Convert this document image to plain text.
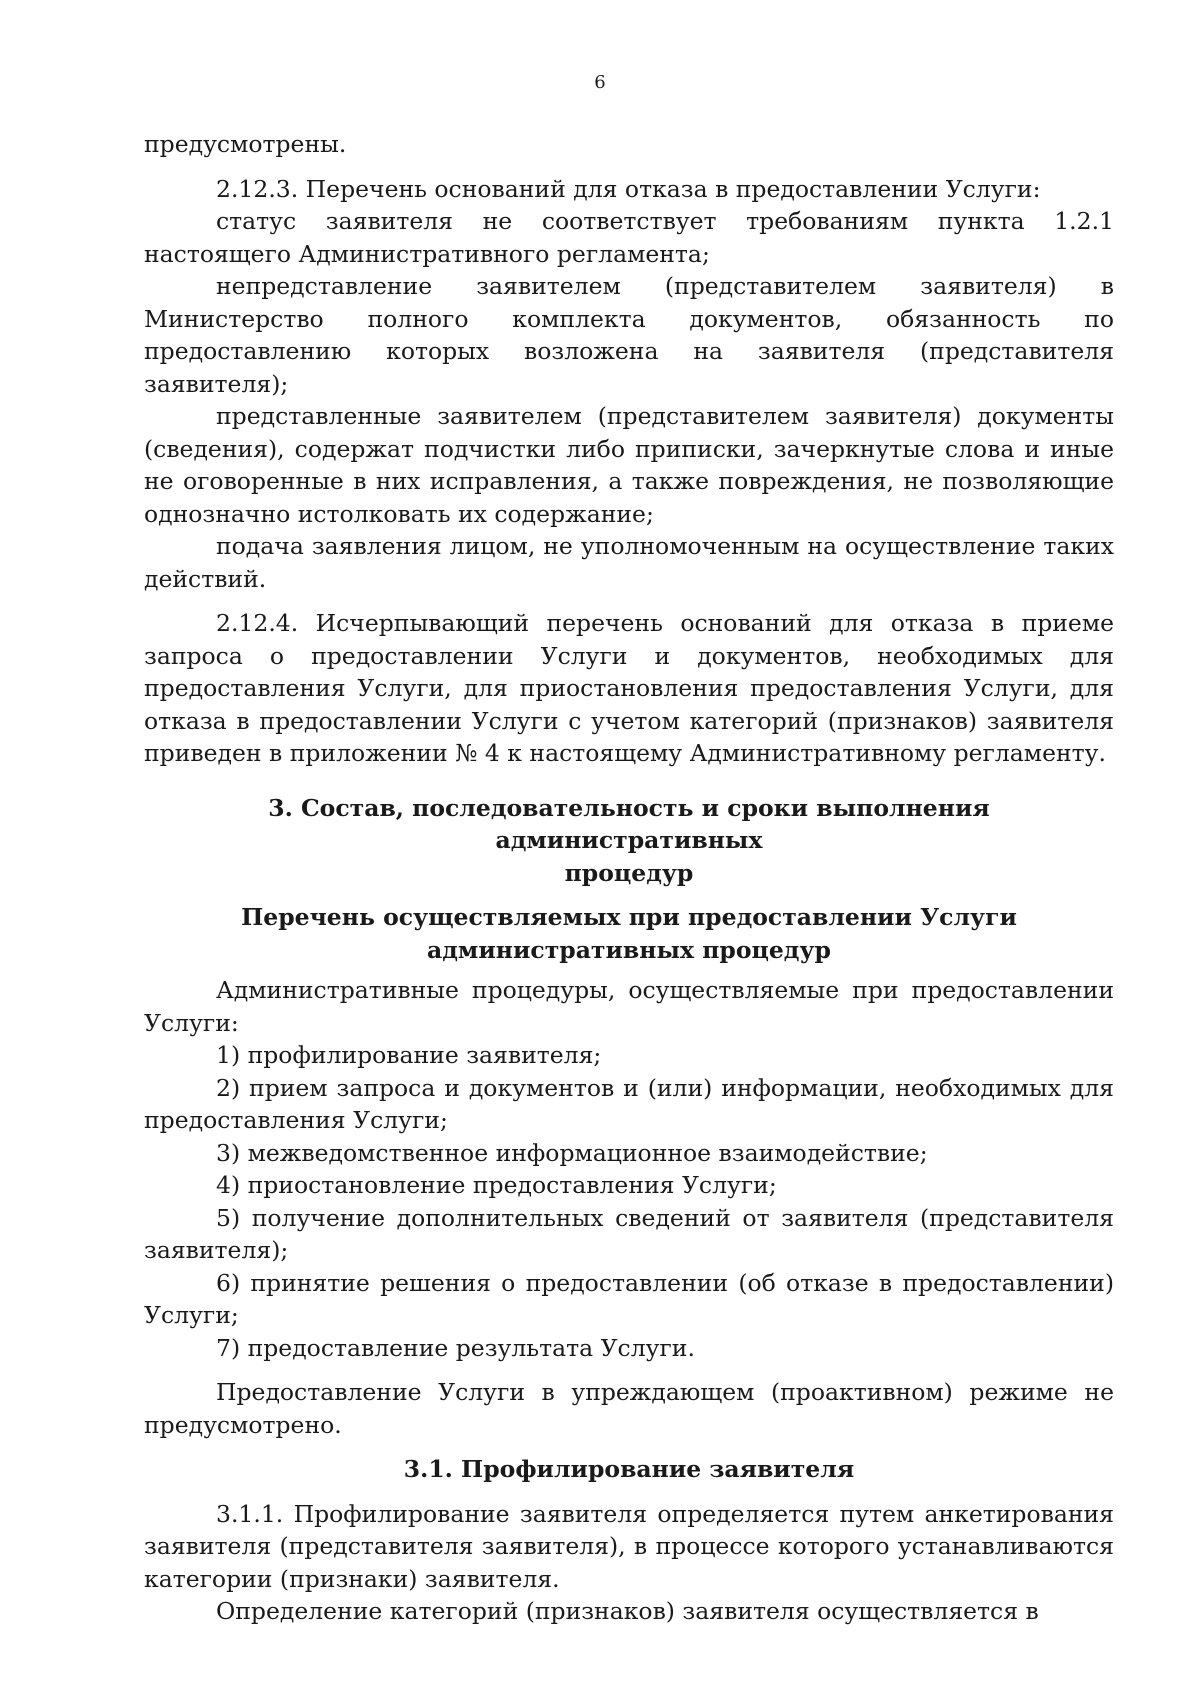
6

предусмотрены.

2.12.3. Перечень оснований для отказа в предоставлении Услуги:

статус заявителя не соответствует требованиям пункта 1.2.1 настоящего Административного регламента;

непредставление заявителем (представителем заявителя) в Министерство полного комплекта документов, обязанность по предоставлению которых возложена на заявителя (представителя заявителя);

представленные заявителем (представителем заявителя) документы (сведения), содержат подчистки либо приписки, зачеркнутые слова и иные не оговоренные в них исправления, а также повреждения, не позволяющие однозначно истолковать их содержание;

подача заявления лицом, не уполномоченным на осуществление таких действий.

2.12.4. Исчерпывающий перечень оснований для отказа в приеме запроса о предоставлении Услуги и документов, необходимых для предоставления Услуги, для приостановления предоставления Услуги, для отказа в предоставлении Услуги с учетом категорий (признаков) заявителя приведен в приложении № 4 к настоящему Административному регламенту.

3. Состав, последовательность и сроки выполнения административных
процедур

Перечень осуществляемых при предоставлении Услуги
административных процедур

Административные процедуры, осуществляемые при предоставлении Услуги:

1) профилирование заявителя;

2) прием запроса и документов и (или) информации, необходимых для предоставления Услуги;

3) межведомственное информационное взаимодействие;

4) приостановление предоставления Услуги;

5) получение дополнительных сведений от заявителя (представителя заявителя);

6) принятие решения о предоставлении (об отказе в предоставлении) Услуги;

7) предоставление результата Услуги.

Предоставление Услуги в упреждающем (проактивном) режиме не предусмотрено.

3.1. Профилирование заявителя

3.1.1. Профилирование заявителя определяется путем анкетирования заявителя (представителя заявителя), в процессе которого устанавливаются категории (признаки) заявителя.

Определение категорий (признаков) заявителя осуществляется в
